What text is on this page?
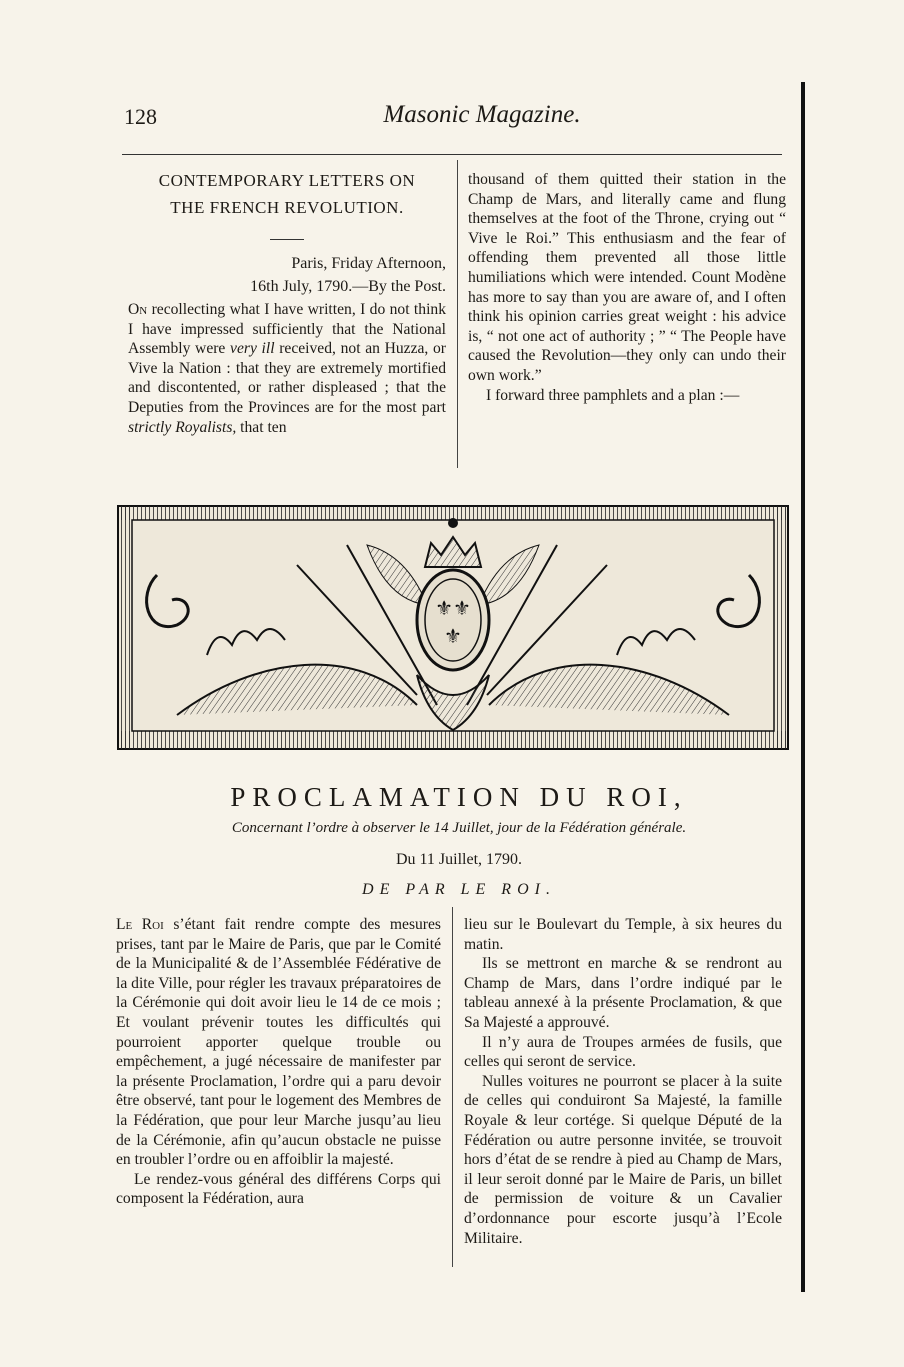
128	Masonic Magazine.
CONTEMPORARY LETTERS ON
THE FRENCH REVOLUTION.
Paris, Friday Afternoon,
16th July, 1790.—By the Post.

On recollecting what I have written, I do not think I have impressed sufficiently that the National Assembly were very ill received, not an Huzza, or Vive la Nation : that they are extremely mortified and discontented, or rather displeased ; that the Deputies from the Provinces are for the most part strictly Royalists, that ten

thousand of them quitted their station in the Champ de Mars, and literally came and flung themselves at the foot of the Throne, crying out “ Vive le Roi.” This enthusiasm and the fear of offending them prevented all those little humiliations which were intended. Count Modène has more to say than you are aware of, and I often think his opinion carries great weight : his advice is, “ not one act of authority ; ” “ The People have caused the Revolution—they only can undo their own work.”

I forward three pamphlets and a plan :—

⚜⚜
⚜
PROCLAMATION DU ROI,
Concernant l’ordre à observer le 14 Juillet, jour de la Fédération générale.
Du 11 Juillet, 1790.
DE PAR LE ROI.

Le Roi s’étant fait rendre compte des mesures prises, tant par le Maire de Paris, que par le Comité de la Municipalité & de l’Assemblée Fédérative de la dite Ville, pour régler les travaux préparatoires de la Cérémonie qui doit avoir lieu le 14 de ce mois ; Et voulant prévenir toutes les difficultés qui pourroient apporter quelque trouble ou empêchement, a jugé nécessaire de manifester par la présente Proclamation, l’ordre qui a paru devoir être observé, tant pour le logement des Membres de la Fédération, que pour leur Marche jusqu’au lieu de la Cérémonie, afin qu’aucun obstacle ne puisse en troubler l’ordre ou en affoiblir la majesté.

Le rendez-vous général des différens Corps qui composent la Fédération, aura

lieu sur le Boulevart du Temple, à six heures du matin.

Ils se mettront en marche & se rendront au Champ de Mars, dans l’ordre indiqué par le tableau annexé à la présente Proclamation, & que Sa Majesté a approuvé.

Il n’y aura de Troupes armées de fusils, que celles qui seront de service.

Nulles voitures ne pourront se placer à la suite de celles qui conduiront Sa Majesté, la famille Royale & leur cortége. Si quelque Député de la Fédération ou autre personne invitée, se trouvoit hors d’état de se rendre à pied au Champ de Mars, il leur seroit donné par le Maire de Paris, un billet de permission de voiture & un Cavalier d’ordonnance pour escorte jusqu’à l’Ecole Militaire.
